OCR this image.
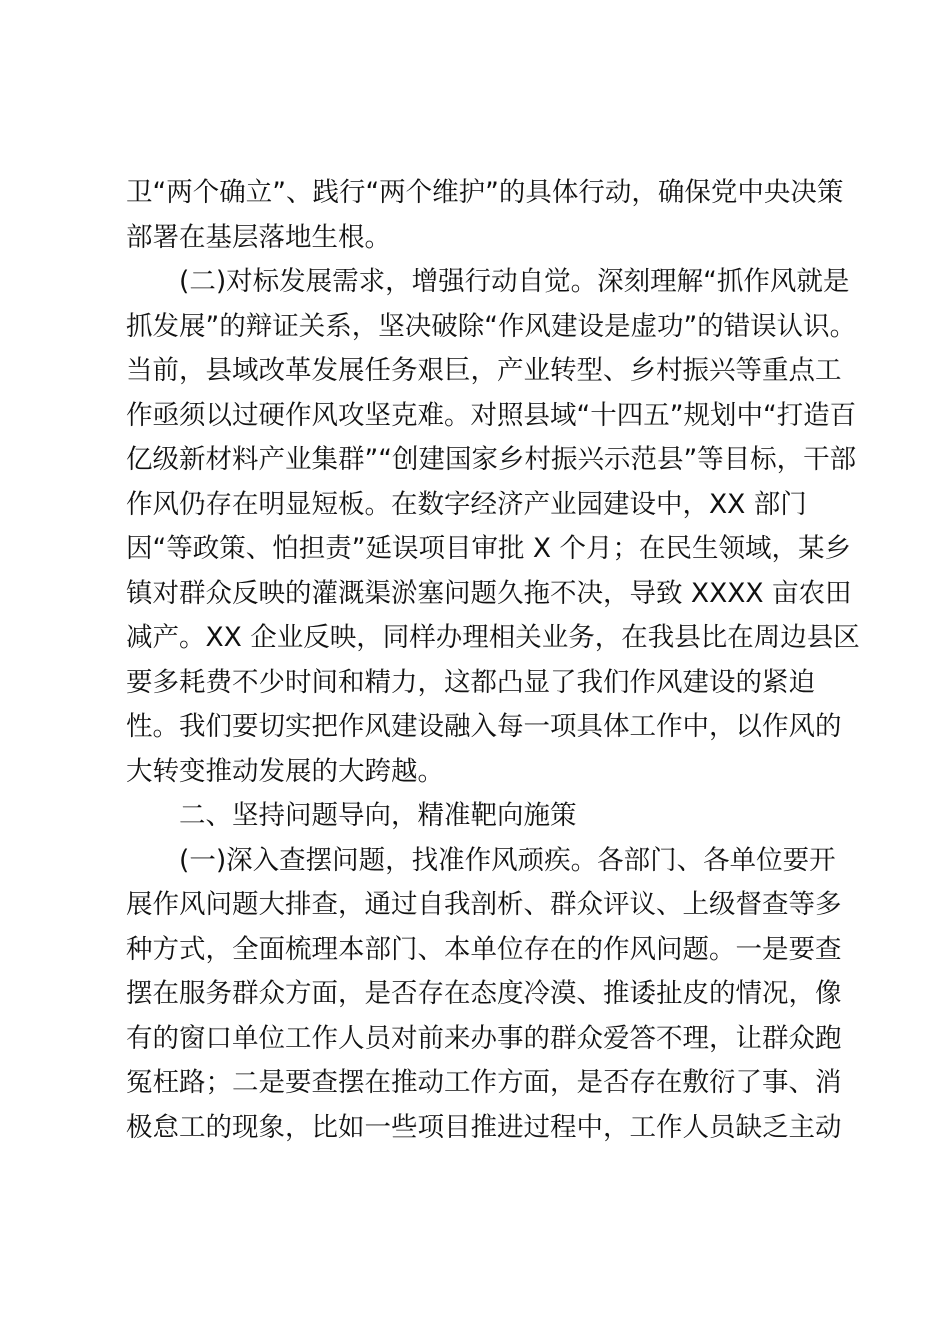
卫“两个确立”、践行“两个维护”的具体行动，确保党中央决策
部署在基层落地生根。
　　(二)对标发展需求，增强行动自觉。深刻理解“抓作风就是
抓发展”的辩证关系，坚决破除“作风建设是虚功”的错误认识。
当前，县域改革发展任务艰巨，产业转型、乡村振兴等重点工
作亟须以过硬作风攻坚克难。对照县域“十四五”规划中“打造百
亿级新材料产业集群”“创建国家乡村振兴示范县”等目标，干部
作风仍存在明显短板。在数字经济产业园建设中，XX 部门
因“等政策、怕担责”延误项目审批 X 个月；在民生领域，某乡
镇对群众反映的灌溉渠淤塞问题久拖不决，导致 XXXX 亩农田
减产。XX 企业反映，同样办理相关业务，在我县比在周边县区
要多耗费不少时间和精力，这都凸显了我们作风建设的紧迫
性。我们要切实把作风建设融入每一项具体工作中，以作风的
大转变推动发展的大跨越。
　　二、坚持问题导向，精准靶向施策
　　(一)深入查摆问题，找准作风顽疾。各部门、各单位要开
展作风问题大排查，通过自我剖析、群众评议、上级督查等多
种方式，全面梳理本部门、本单位存在的作风问题。一是要查
摆在服务群众方面，是否存在态度冷漠、推诿扯皮的情况，像
有的窗口单位工作人员对前来办事的群众爱答不理，让群众跑
冤枉路；二是要查摆在推动工作方面，是否存在敷衍了事、消
极怠工的现象，比如一些项目推进过程中，工作人员缺乏主动
